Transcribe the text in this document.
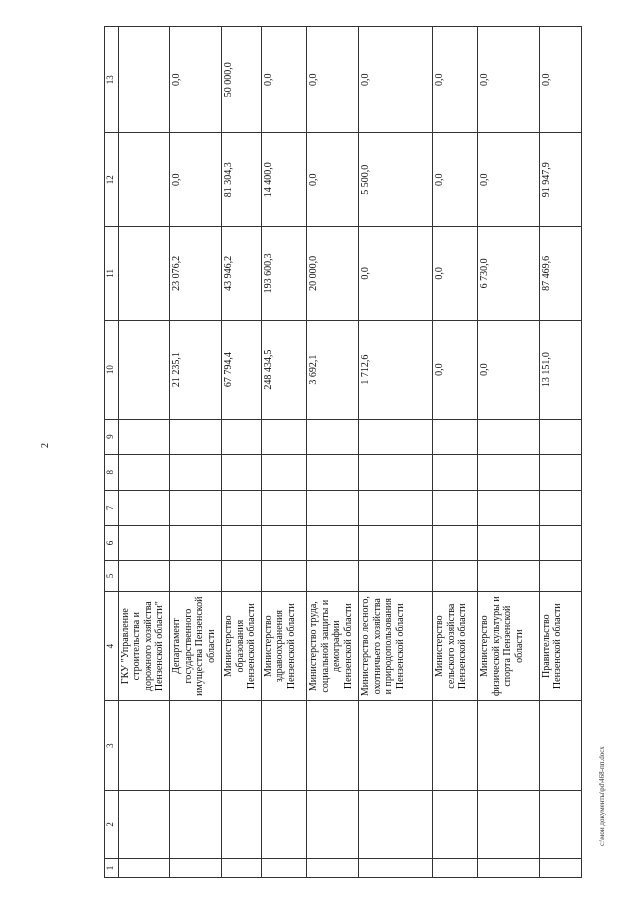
2
1	2	3	4	5	6	7	8	9	10	11	12	13
			ГКУ "Управление строительства и дорожного хозяйства Пензенской области"									
			Департамент государственного имущества Пензенской области						21 235,1	23 076,2	0,0	0,0
			Министерство образования Пензенской области						67 794,4	43 946,2	81 304,3	50 000,0
			Министерство здравоохранения Пензенской области						248 434,5	193 600,3	14 400,0	0,0
			Министерство труда, социальной защиты и демографии Пензенской области						3 692,1	20 000,0	0,0	0,0
			Министерство лесного, охотничьего хозяйства и природопользования Пензенской области						1 712,6	0,0	5 500,0	0,0
			Министерство сельского хозяйства Пензенской области						0,0	0,0	0,0	0,0
			Министерство физической культуры и спорта Пензенской области						0,0	6 730,0	0,0	0,0
			Правительство Пензенской области						13 151,0	87 469,6	91 947,9	0,0
c:\мои документы\pd\468-пп.docx
